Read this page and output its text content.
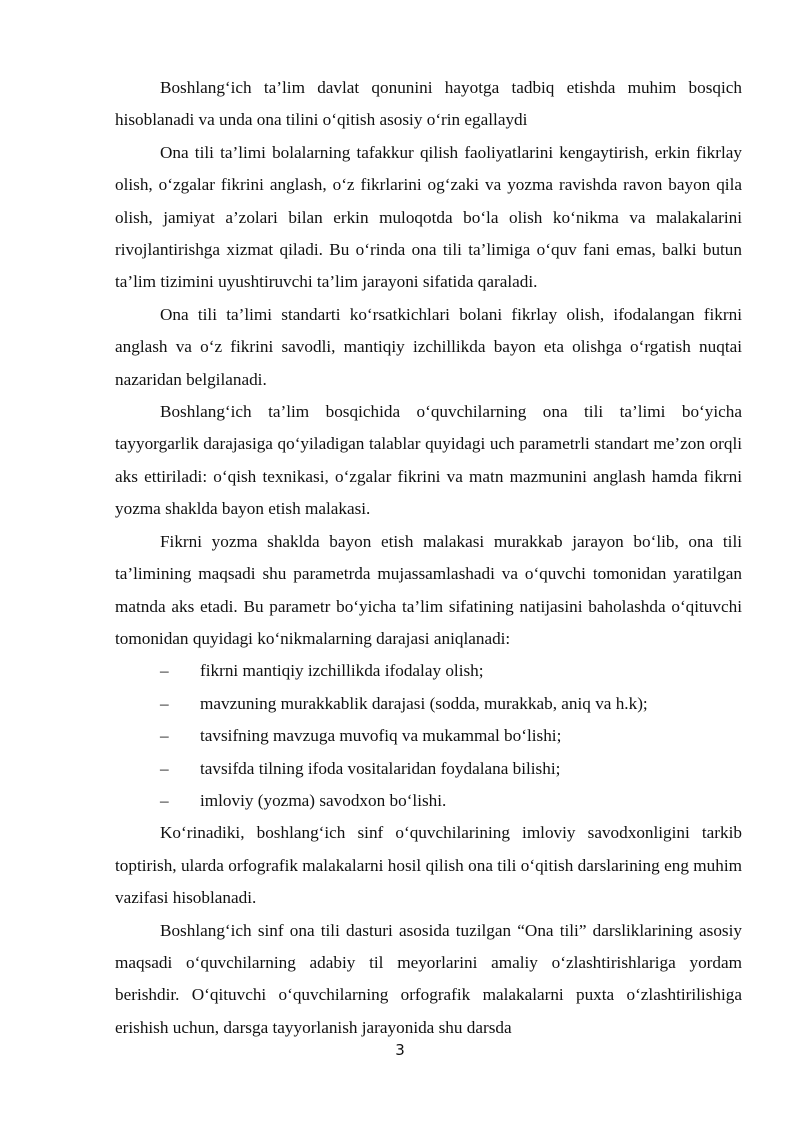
Boshlang‘ich ta’lim davlat qonunini hayotga tadbiq etishda muhim bosqich hisoblanadi va unda ona tilini o‘qitish asosiy o‘rin egallaydi

Ona tili ta’limi bolalarning tafakkur qilish faoliyatlarini kengaytirish, erkin fikrlay olish, o‘zgalar fikrini anglash, o‘z fikrlarini og‘zaki va yozma ravishda ravon bayon qila olish, jamiyat a’zolari bilan erkin muloqotda bo‘la olish ko‘nikma va malakalarini rivojlantirishga xizmat qiladi. Bu o‘rinda ona tili ta’limiga o‘quv fani emas, balki butun ta’lim tizimini uyushtiruvchi ta’lim jarayoni sifatida qaraladi.

Ona tili ta’limi standarti ko‘rsatkichlari bolani fikrlay olish, ifodalangan fikrni anglash va o‘z fikrini savodli, mantiqiy izchillikda bayon eta olishga o‘rgatish nuqtai nazaridan belgilanadi.

Boshlang‘ich ta’lim bosqichida o‘quvchilarning ona tili ta’limi bo‘yicha tayyorgarlik darajasiga qo‘yiladigan talablar quyidagi uch parametrli standart me’zon orqli aks ettiriladi: o‘qish texnikasi, o‘zgalar fikrini va matn mazmunini anglash hamda fikrni yozma shaklda bayon etish malakasi.

Fikrni yozma shaklda bayon etish malakasi murakkab jarayon bo‘lib, ona tili ta’limining maqsadi shu parametrda mujassamlashadi va o‘quvchi tomonidan yaratilgan matnda aks etadi. Bu parametr bo‘yicha ta’lim sifatining natijasini baholashda o‘qituvchi tomonidan quyidagi ko‘nikmalarning darajasi aniqlanadi:

– fikrni mantiqiy izchillikda ifodalay olish;
– mavzuning murakkablik darajasi (sodda, murakkab, aniq va h.k);
– tavsifning mavzuga muvofiq va mukammal bo‘lishi;
– tavsifda tilning ifoda vositalaridan foydalana bilishi;
– imloviy (yozma) savodxon bo‘lishi.

Ko‘rinadiki, boshlang‘ich sinf o‘quvchilarining imloviy savodxonligini tarkib toptirish, ularda orfografik malakalarni hosil qilish ona tili o‘qitish darslarining eng muhim vazifasi hisoblanadi.

Boshlang‘ich sinf ona tili dasturi asosida tuzilgan “Ona tili” darsliklarining asosiy maqsadi o‘quvchilarning adabiy til meyorlarini amaliy o‘zlashtirishlariga yordam berishdir. O‘qituvchi o‘quvchilarning orfografik malakalarni puxta o‘zlashtirilishiga erishish uchun, darsga tayyorlanish jarayonida shu darsda

3
